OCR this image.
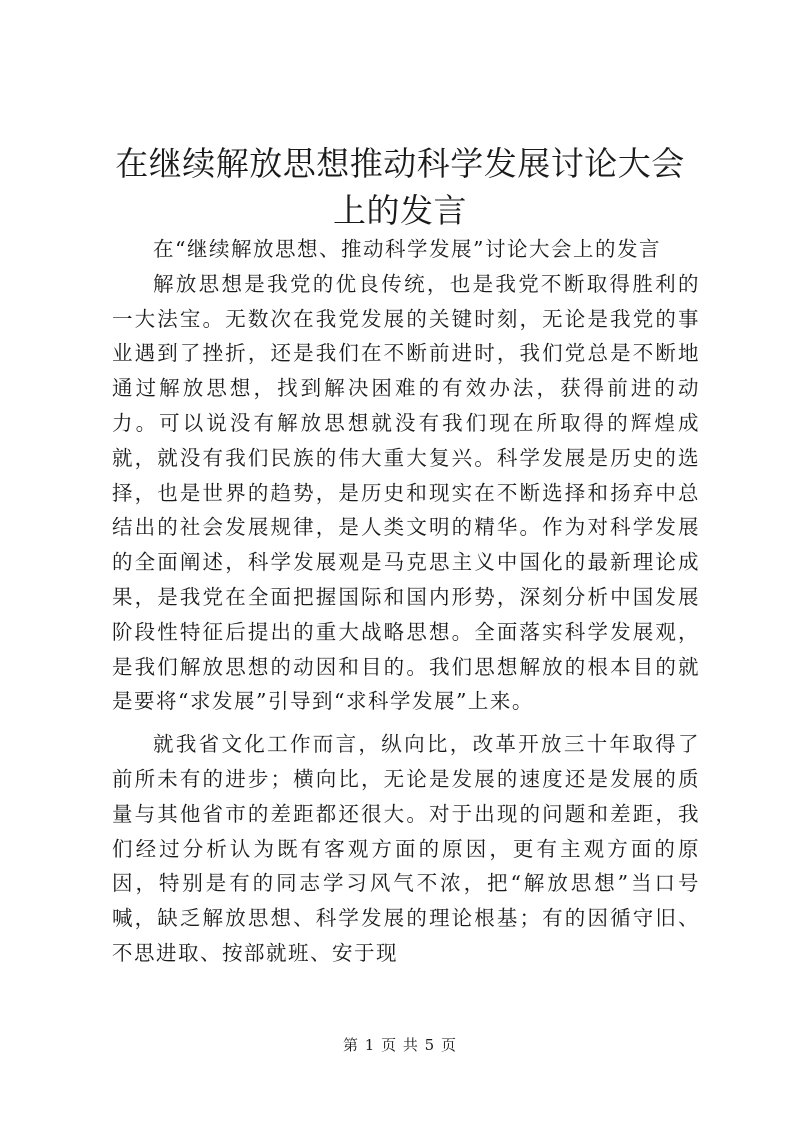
在继续解放思想推动科学发展讨论大会上的发言

在“继续解放思想、推动科学发展”讨论大会上的发言

解放思想是我党的优良传统，也是我党不断取得胜利的一大法宝。无数次在我党发展的关键时刻，无论是我党的事业遇到了挫折，还是我们在不断前进时，我们党总是不断地通过解放思想，找到解决困难的有效办法，获得前进的动力。可以说没有解放思想就没有我们现在所取得的辉煌成就，就没有我们民族的伟大重大复兴。科学发展是历史的选择，也是世界的趋势，是历史和现实在不断选择和扬弃中总结出的社会发展规律，是人类文明的精华。作为对科学发展的全面阐述，科学发展观是马克思主义中国化的最新理论成果，是我党在全面把握国际和国内形势，深刻分析中国发展阶段性特征后提出的重大战略思想。全面落实科学发展观，是我们解放思想的动因和目的。我们思想解放的根本目的就是要将“求发展”引导到“求科学发展”上来。

就我省文化工作而言，纵向比，改革开放三十年取得了前所未有的进步；横向比，无论是发展的速度还是发展的质量与其他省市的差距都还很大。对于出现的问题和差距，我们经过分析认为既有客观方面的原因，更有主观方面的原因，特别是有的同志学习风气不浓，把“解放思想”当口号喊，缺乏解放思想、科学发展的理论根基；有的因循守旧、不思进取、按部就班、安于现

第 1 页 共 5 页
